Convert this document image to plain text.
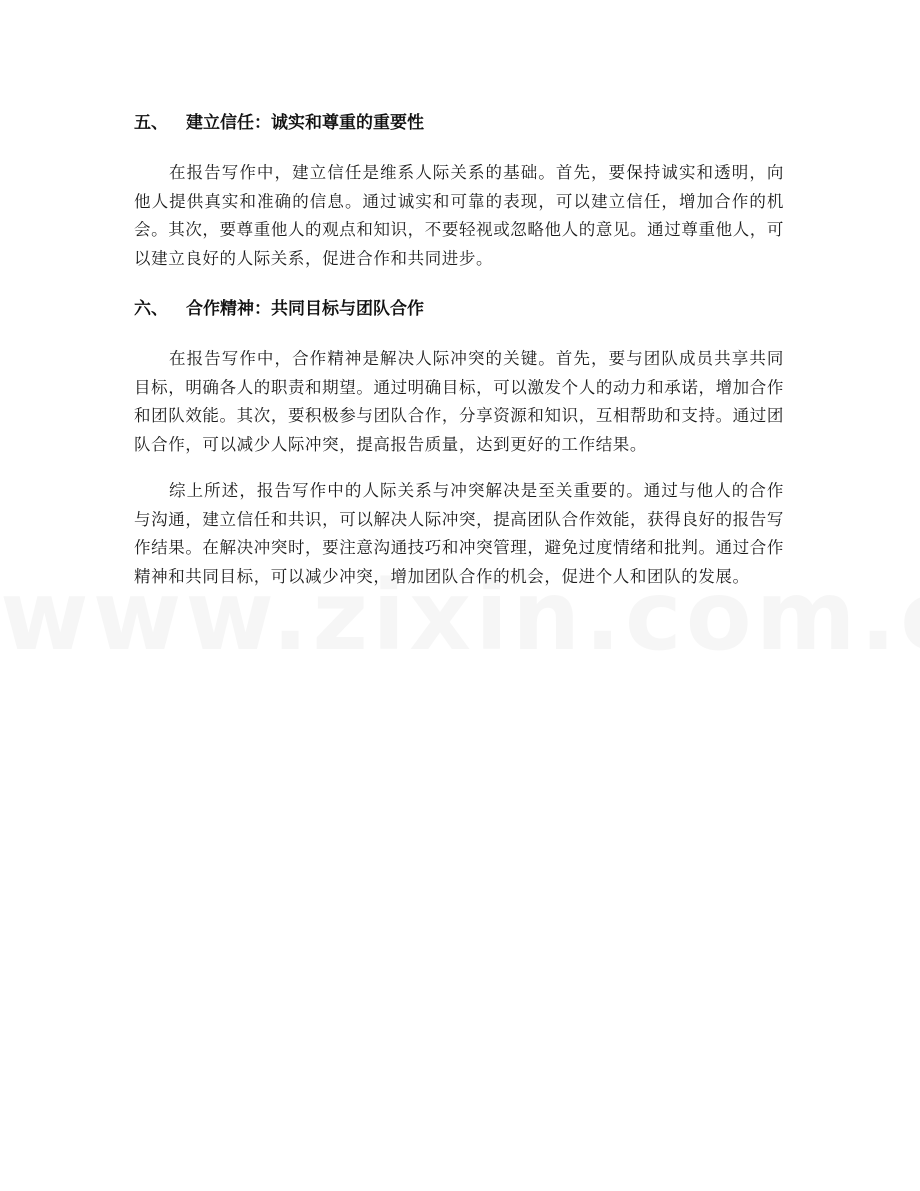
五、 建立信任：诚实和尊重的重要性

在报告写作中，建立信任是维系人际关系的基础。首先，要保持诚实和透明，向他人提供真实和准确的信息。通过诚实和可靠的表现，可以建立信任，增加合作的机会。其次，要尊重他人的观点和知识，不要轻视或忽略他人的意见。通过尊重他人，可以建立良好的人际关系，促进合作和共同进步。

六、 合作精神：共同目标与团队合作

在报告写作中，合作精神是解决人际冲突的关键。首先，要与团队成员共享共同目标，明确各人的职责和期望。通过明确目标，可以激发个人的动力和承诺，增加合作和团队效能。其次，要积极参与团队合作，分享资源和知识，互相帮助和支持。通过团队合作，可以减少人际冲突，提高报告质量，达到更好的工作结果。

综上所述，报告写作中的人际关系与冲突解决是至关重要的。通过与他人的合作与沟通，建立信任和共识，可以解决人际冲突，提高团队合作效能，获得良好的报告写作结果。在解决冲突时，要注意沟通技巧和冲突管理，避免过度情绪和批判。通过合作精神和共同目标，可以减少冲突，增加团队合作的机会，促进个人和团队的发展。
